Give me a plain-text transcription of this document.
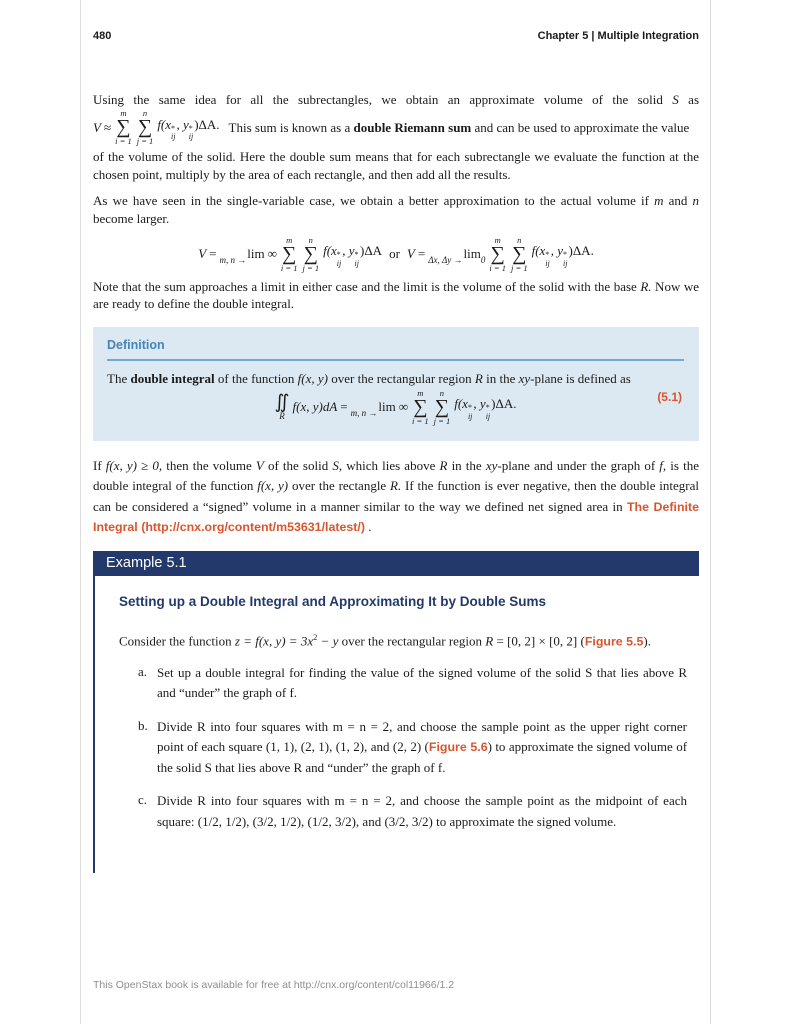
480	Chapter 5 | Multiple Integration

Using the same idea for all the subrectangles, we obtain an approximate volume of the solid S as

V ≈
m
∑
i = 1
n
∑
j = 1
f(x *
ij
, y *
ij
)ΔA. This sum is known as a double Riemann sum and can be used to approximate the value

of the volume of the solid. Here the double sum means that for each subrectangle we evaluate the function at the chosen point, multiply by the area of each rectangle, and then add all the results.

As we have seen in the single-variable case, we obtain a better approximation to the actual volume if m and n become larger.

V = m, n → lim ∞
m
∑
i = 1
n
∑
j = 1
f(x *
ij
, y *
ij
)ΔA or V = Δx, Δy → lim 0
m
∑
i = 1
n
∑
j = 1
f(x *
ij
, y *
ij
)ΔA.

Note that the sum approaches a limit in either case and the limit is the volume of the solid with the base R. Now we are ready to define the double integral.

Definition

The double integral of the function f(x, y) over the rectangular region R in the xy-plane is defined as

(5.1)
∬
R
f(x, y)dA = m, n → lim ∞
m
∑
i = 1
n
∑
j = 1
f(x *
ij
, y *
ij
)ΔA.

If f(x, y) ≥ 0, then the volume V of the solid S, which lies above R in the xy-plane and under the graph of f, is the double integral of the function f(x, y) over the rectangle R. If the function is ever negative, then the double integral can be considered a “signed” volume in a manner similar to the way we defined net signed area in The Definite Integral (http://cnx.org/content/m53631/latest/) .

Example 5.1
Setting up a Double Integral and Approximating It by Double Sums

Consider the function z = f(x, $y) = 3x^2 - y$ over the rectangular region R = [0, 2] × [0, 2] (Figure 5.5).

a. Set up a double integral for finding the value of the signed volume of the solid S that lies above R and “under” the graph of f.
b. Divide R into four squares with m = n = 2, and choose the sample point as the upper right corner point of each square (1, 1), (2, 1), (1, 2), and (2, 2) (Figure 5.6) to approximate the signed volume of the solid S that lies above R and “under” the graph of f.
c. Divide R into four squares with m = n = 2, and choose the sample point as the midpoint of each square: (1/2, 1/2), (3/2, 1/2), (1/2, 3/2), and (3/2, 3/2) to approximate the signed volume.
This OpenStax book is available for free at http://cnx.org/content/col11966/1.2
